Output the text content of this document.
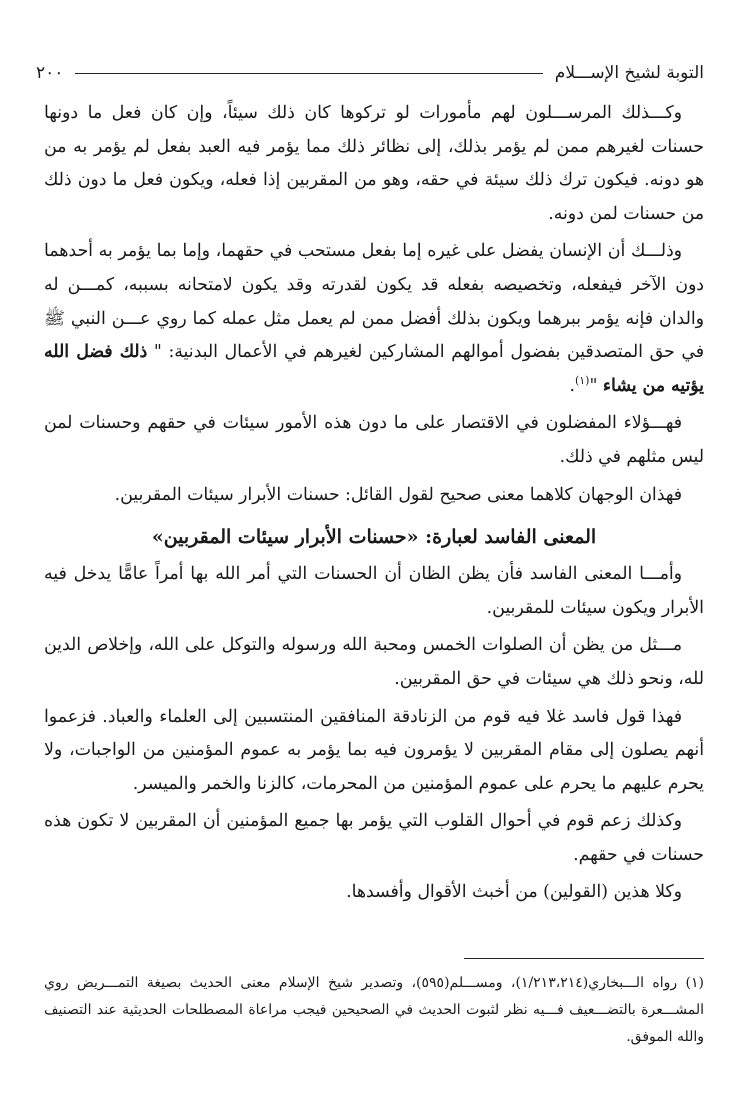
التوبة لشيخ الإســـلام
٢٠٠

وكـــذلك المرســـلون لهم مأمورات لو تركوها كان ذلك سيئاً، وإن كان فعل ما دونها حسنات لغيرهم ممن لم يؤمر بذلك، إلى نظائر ذلك مما يؤمر فيه العبد بفعل لم يؤمر به من هو دونه. فيكون ترك ذلك سيئة في حقه، وهو من المقربين إذا فعله، ويكون فعل ما دون ذلك من حسنات لمن دونه.

وذلـــك أن الإنسان يفضل على غيره إما بفعل مستحب في حقهما، وإما بما يؤمر به أحدهما دون الآخر فيفعله، وتخصيصه بفعله قد يكون لقدرته وقد يكون لامتحانه بسببه، كمـــن له والدان فإنه يؤمر ببرهما ويكون بذلك أفضل ممن لم يعمل مثل عمله كما روي عـــن النبي ﷺ في حق المتصدقين بفضول أموالهم المشاركين لغيرهم في الأعمال البدنية: " ذلك فضل الله يؤتيه من يشاء "$^{(١)}$.

فهـــؤلاء المفضلون في الاقتصار على ما دون هذه الأمور سيئات في حقهم وحسنات لمن ليس مثلهم في ذلك.

فهذان الوجهان كلاهما معنى صحيح لقول القائل: حسنات الأبرار سيئات المقربين.

المعنى الفاسد لعبارة: «حسنات الأبرار سيئات المقربين»

وأمـــا المعنى الفاسد فأن يظن الظان أن الحسنات التي أمر الله بها أمراً عامًّا يدخل فيه الأبرار ويكون سيئات للمقربين.

مـــثل من يظن أن الصلوات الخمس ومحبة الله ورسوله والتوكل على الله، وإخلاص الدين لله، ونحو ذلك هي سيئات في حق المقربين.

فهذا قول فاسد غلا فيه قوم من الزنادقة المنافقين المنتسبين إلى العلماء والعباد. فزعموا أنهم يصلون إلى مقام المقربين لا يؤمرون فيه بما يؤمر به عموم المؤمنين من الواجبات، ولا يحرم عليهم ما يحرم على عموم المؤمنين من المحرمات، كالزنا والخمر والميسر.

وكذلك زعم قوم في أحوال القلوب التي يؤمر بها جميع المؤمنين أن المقربين لا تكون هذه حسنات في حقهم.

وكلا هذين (القولين) من أخبث الأقوال وأفسدها.

(١) رواه الـــبخاري(١/٢١٣،٢١٤)، ومســـلم(٥٩٥)، وتصدير شيخ الإسلام معنى الحديث بصيغة التمـــريض روي المشـــعرة بالتضـــعيف فـــيه نظر لثبوت الحديث في الصحيحين فيجب مراعاة المصطلحات الحديثية عند التصنيف والله الموفق.
